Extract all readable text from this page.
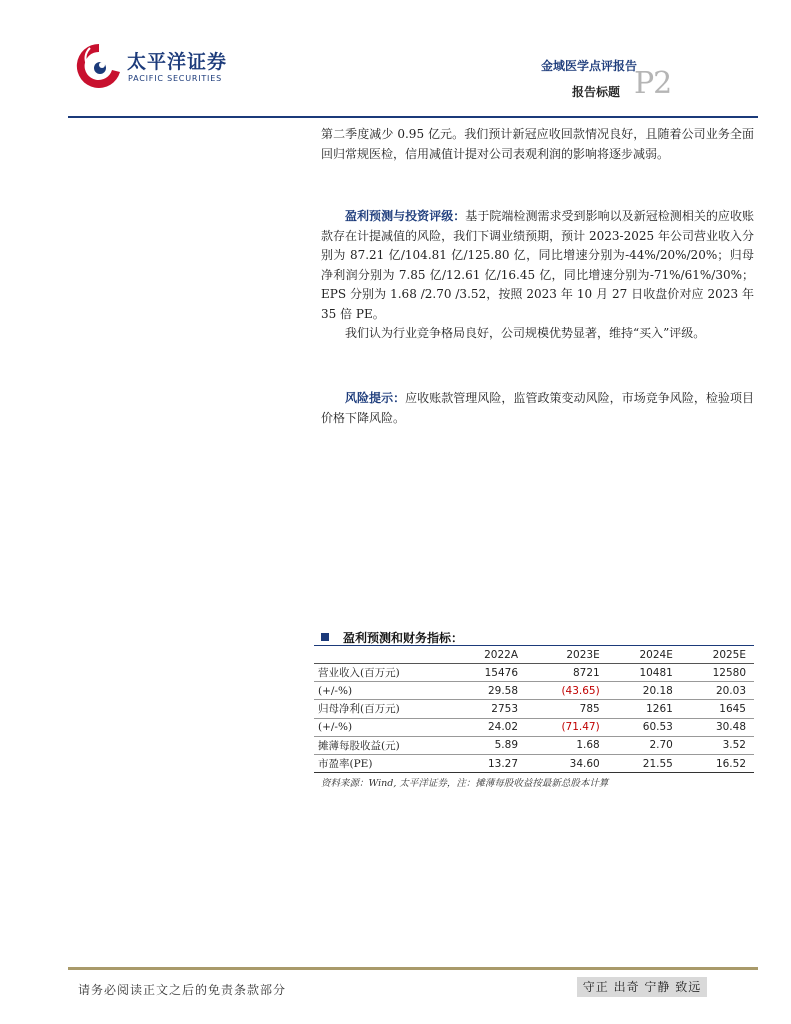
太平洋证券
PACIFIC SECURITIES
金域医学点评报告
报告标题 P2

第二季度减少 0.95 亿元。我们预计新冠应收回款情况良好，且随着公司业务全面回归常规医检，信用减值计提对公司表观利润的影响将逐步减弱。

盈利预测与投资评级：基于院端检测需求受到影响以及新冠检测相关的应收账款存在计提减值的风险，我们下调业绩预期，预计 2023-2025 年公司营业收入分别为 87.21 亿/104.81 亿/125.80 亿，同比增速分别为-44%/20%/20%；归母净利润分别为 7.85 亿/12.61 亿/16.45 亿，同比增速分别为-71%/61%/30%；EPS 分别为 1.68 /2.70 /3.52，按照 2023 年 10 月 27 日收盘价对应 2023 年 35 倍 PE。

我们认为行业竞争格局良好，公司规模优势显著，维持“买入”评级。

风险提示：应收账款管理风险，监管政策变动风险，市场竞争风险，检验项目价格下降风险。

盈利预测和财务指标：
	2022A	2023E	2024E	2025E
营业收入(百万元)	15476	8721	10481	12580
(+/-%)	29.58	(43.65)	20.18	20.03
归母净利(百万元)	2753	785	1261	1645
(+/-%)	24.02	(71.47)	60.53	30.48
摊薄每股收益(元)	5.89	1.68	2.70	3.52
市盈率(PE)	13.27	34.60	21.55	16.52
资料来源：Wind, 太平洋证券，注：摊薄每股收益按最新总股本计算
请务必阅读正文之后的免责条款部分	守正 出奇 宁静 致远
